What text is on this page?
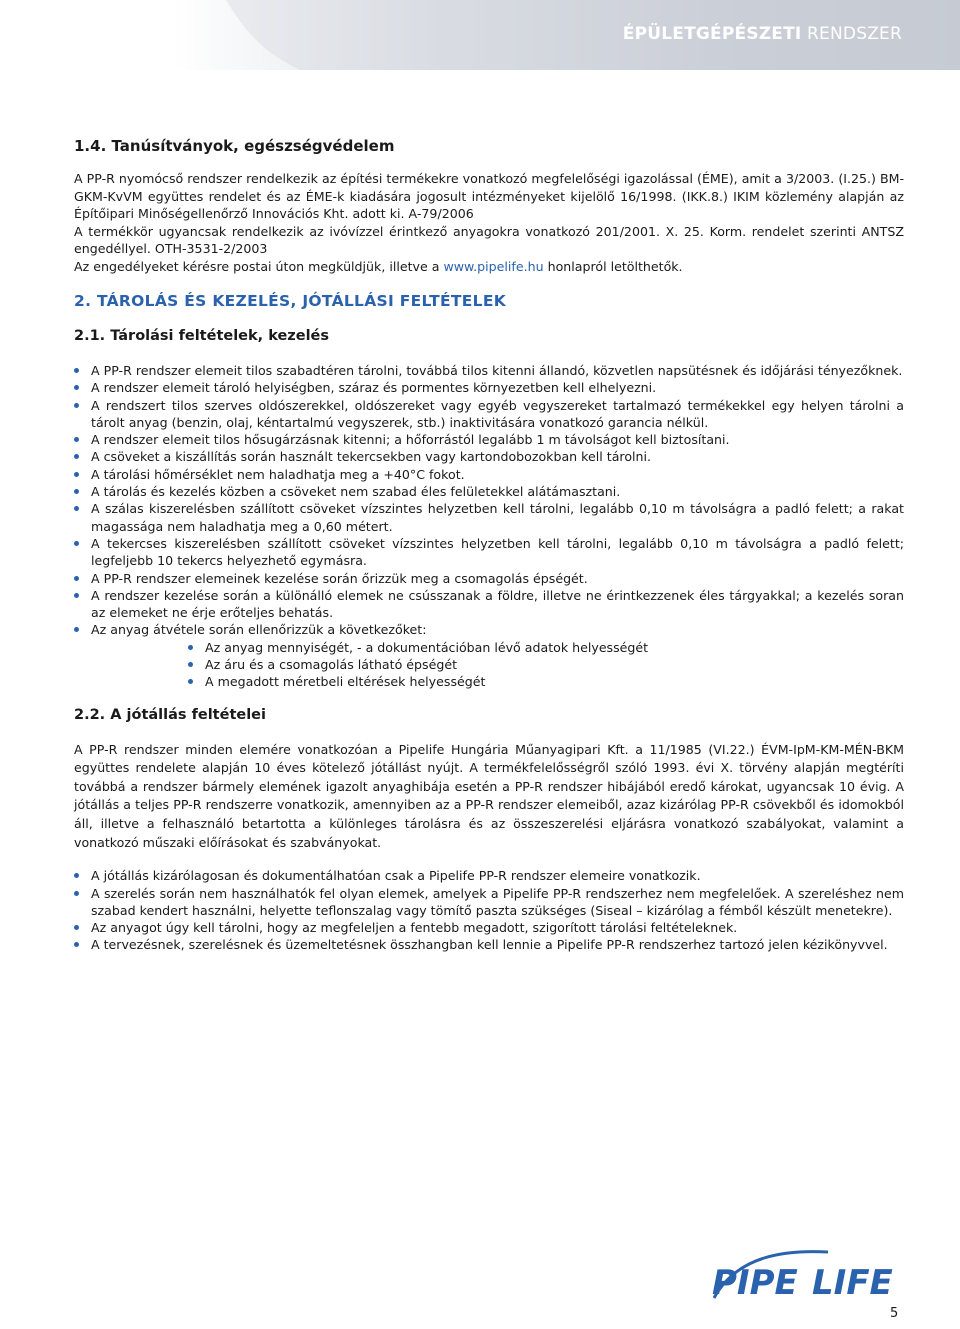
ÉPÜLETGÉPÉSZETI RENDSZER
1.4. Tanúsítványok, egészségvédelem

A PP-R nyomócső rendszer rendelkezik az építési termékekre vonatkozó megfelelőségi igazolással (ÉME), amit a 3/2003. (I.25.) BM-GKM-KvVM együttes rendelet és az ÉME-k kiadására jogosult intézményeket kijelölő 16/1998. (IKK.8.) IKIM közlemény alapján az Építőipari Minőségellenőrző Innovációs Kht. adott ki. A-79/2006

A termékkör ugyancsak rendelkezik az ivóvízzel érintkező anyagokra vonatkozó 201/2001. X. 25. Korm. rendelet szerinti ANTSZ engedéllyel. OTH-3531-2/2003

Az engedélyeket kérésre postai úton megküldjük, illetve a www.pipelife.hu honlapról letölthetők.

2. TÁROLÁS ÉS KEZELÉS, JÓTÁLLÁSI FELTÉTELEK
2.1. Tárolási feltételek, kezelés
A PP-R rendszer elemeit tilos szabadtéren tárolni, továbbá tilos kitenni állandó, közvetlen napsütésnek és időjárási tényezőknek.
A rendszer elemeit tároló helyiségben, száraz és pormentes környezetben kell elhelyezni.
A rendszert tilos szerves oldószerekkel, oldószereket vagy egyéb vegyszereket tartalmazó termékekkel egy helyen tárolni a tárolt anyag (benzin, olaj, kéntartalmú vegyszerek, stb.) inaktivitására vonatkozó garancia nélkül.
A rendszer elemeit tilos hősugárzásnak kitenni; a hőforrástól legalább 1 m távolságot kell biztosítani.
A csöveket a kiszállítás során használt tekercsekben vagy kartondobozokban kell tárolni.
A tárolási hőmérséklet nem haladhatja meg a +40°C fokot.
A tárolás és kezelés közben a csöveket nem szabad éles felületekkel alátámasztani.
A szálas kiszerelésben szállított csöveket vízszintes helyzetben kell tárolni, legalább 0,10 m távolságra a padló felett; a rakat magassága nem haladhatja meg a 0,60 métert.
A tekercses kiszerelésben szállított csöveket vízszintes helyzetben kell tárolni, legalább 0,10 m távolságra a padló felett; legfeljebb 10 tekercs helyezhető egymásra.
A PP-R rendszer elemeinek kezelése során őrizzük meg a csomagolás épségét.
A rendszer kezelése során a különálló elemek ne csússzanak a földre, illetve ne érintkezzenek éles tárgyakkal; a kezelés soran az elemeket ne érje erőteljes behatás.
Az anyag átvétele során ellenőrizzük a következőket:
Az anyag mennyiségét, - a dokumentációban lévő adatok helyességét
Az áru és a csomagolás látható épségét
A megadott méretbeli eltérések helyességét
2.2. A jótállás feltételei

A PP-R rendszer minden elemére vonatkozóan a Pipelife Hungária Műanyagipari Kft. a 11/1985 (VI.22.) ÉVM-IpM-KM-MÉN-BKM együttes rendelete alapján 10 éves kötelező jótállást nyújt. A termékfelelősségről szóló 1993. évi X. törvény alapján megtéríti továbbá a rendszer bármely elemének igazolt anyaghibája esetén a PP-R rendszer hibájából eredő károkat, ugyancsak 10 évig. A jótállás a teljes PP-R rendszerre vonatkozik, amennyiben az a PP-R rendszer elemeiből, azaz kizárólag PP-R csövekből és idomokból áll, illetve a felhasználó betartotta a különleges tárolásra és az összeszerelési eljárásra vonatkozó szabályokat, valamint a vonatkozó műszaki előírásokat és szabványokat.

A jótállás kizárólagosan és dokumentálhatóan csak a Pipelife PP-R rendszer elemeire vonatkozik.
A szerelés során nem használhatók fel olyan elemek, amelyek a Pipelife PP-R rendszerhez nem megfelelőek. A szereléshez nem szabad kendert használni, helyette teflonszalag vagy tömítő paszta szükséges (Siseal – kizárólag a fémből készült menetekre).
Az anyagot úgy kell tárolni, hogy az megfeleljen a fentebb megadott, szigorított tárolási feltételeknek.
A tervezésnek, szerelésnek és üzemeltetésnek összhangban kell lennie a Pipelife PP-R rendszerhez tartozó jelen kézikönyvvel.
PIPE LIFE
5
